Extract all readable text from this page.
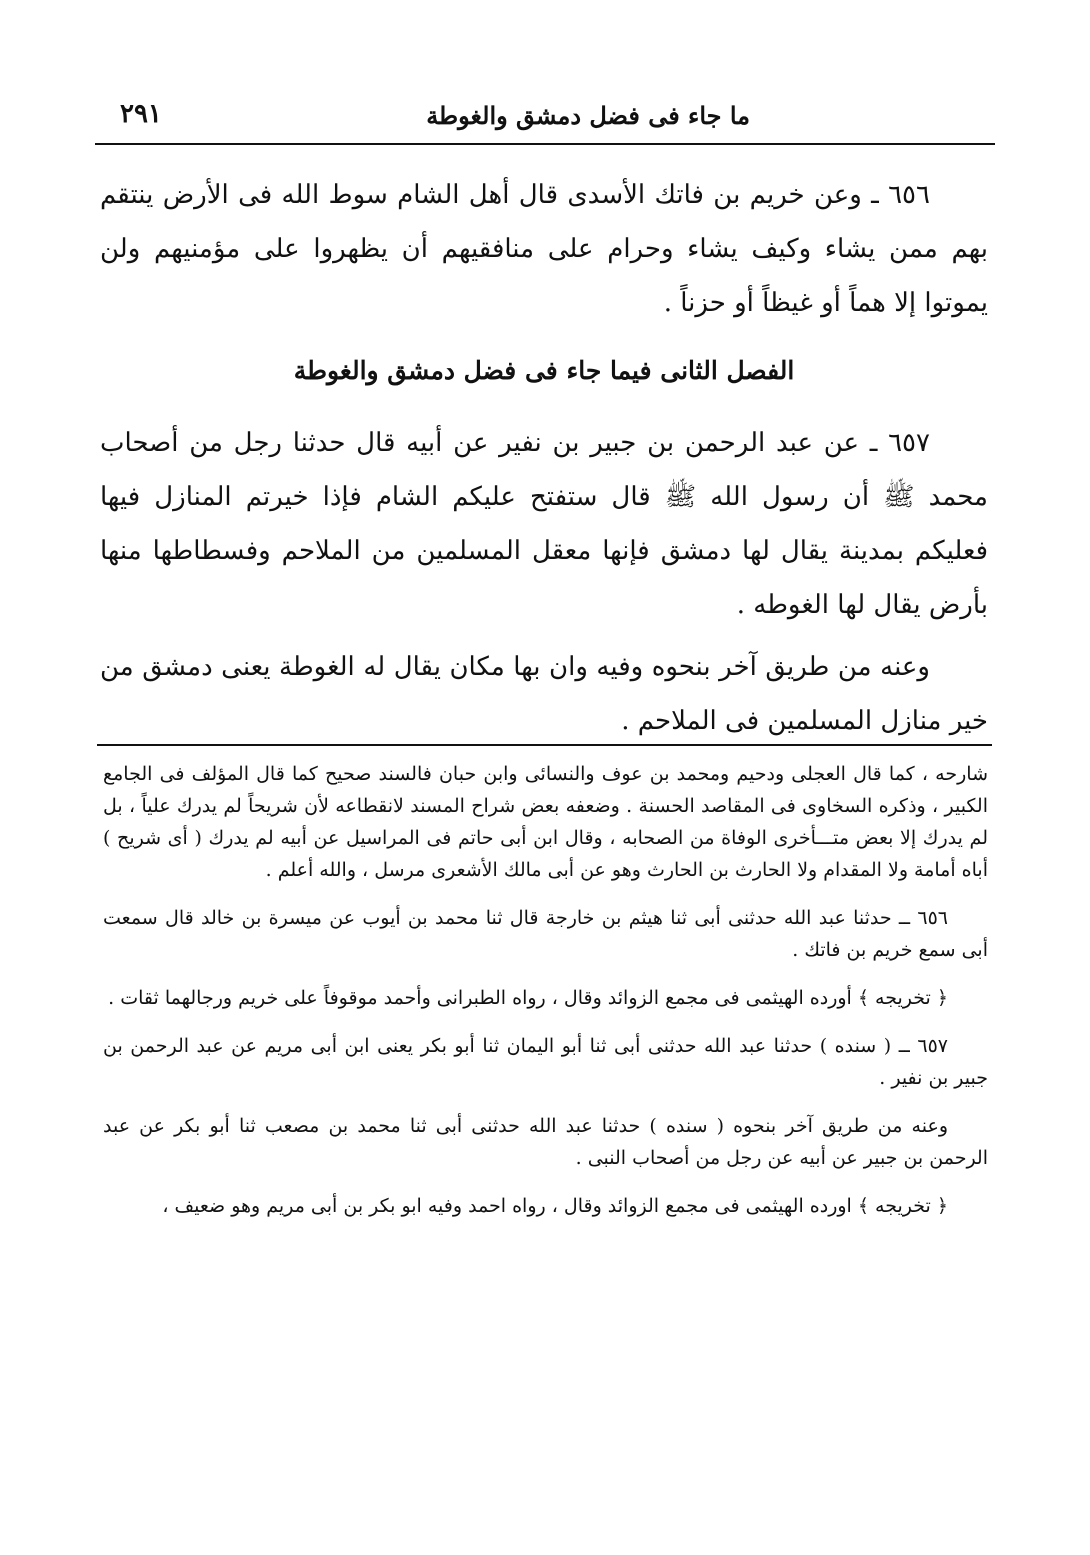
ما جاء فى فضل دمشق والغوطة
٢٩١

٦٥٦ ـ وعن خريم بن فاتك الأسدى قال أهل الشام سوط الله فى الأرض ينتقم بهم ممن يشاء وكيف يشاء وحرام على منافقيهم أن يظهروا على مؤمنيهم ولن يموتوا إلا هماً أو غيظاً أو حزناً .

الفصل الثانى فيما جاء فى فضل دمشق والغوطة

٦٥٧ ـ عن عبد الرحمن بن جبير بن نفير عن أبيه قال حدثنا رجل من أصحاب محمد ﷺ أن رسول الله ﷺ قال ستفتح عليكم الشام فإذا خيرتم المنازل فيها فعليكم بمدينة يقال لها دمشق فإنها معقل المسلمين من الملاحم وفسطاطها منها بأرض يقال لها الغوطه .

وعنه من طريق آخر بنحوه وفيه وان بها مكان يقال له الغوطة يعنى دمشق من خير منازل المسلمين فى الملاحم .

شارحه ، كما قال العجلى ودحيم ومحمد بن عوف والنسائى وابن حبان فالسند صحيح كما قال المؤلف فى الجامع الكبير ، وذكره السخاوى فى المقاصد الحسنة . وضعفه بعض شراح المسند لانقطاعه لأن شريحاً لم يدرك علياً ، بل لم يدرك إلا بعض متـــأخرى الوفاة من الصحابه ، وقال ابن أبى حاتم فى المراسيل عن أبيه لم يدرك ( أى شريح ) أباه أمامة ولا المقدام ولا الحارث بن الحارث وهو عن أبى مالك الأشعرى مرسل ، والله أعلم .

٦٥٦ ــ حدثنا عبد الله حدثنى أبى ثنا هيثم بن خارجة قال ثنا محمد بن أيوب عن ميسرة بن خالد قال سمعت أبى سمع خريم بن فاتك .

﴿ تخريجه ﴾ أورده الهيثمى فى مجمع الزوائد وقال ، رواه الطبرانى وأحمد موقوفاً على خريم ورجالهما ثقات .

٦٥٧ ــ ( سنده ) حدثنا عبد الله حدثنى أبى ثنا أبو اليمان ثنا أبو بكر يعنى ابن أبى مريم عن عبد الرحمن بن جبير بن نفير .

وعنه من طريق آخر بنحوه ( سنده ) حدثنا عبد الله حدثنى أبى ثنا محمد بن مصعب ثنا أبو بكر عن عبد الرحمن بن جبير عن أبيه عن رجل من أصحاب النبى .

﴿ تخريجه ﴾ اورده الهيثمى فى مجمع الزوائد وقال ، رواه احمد وفيه ابو بكر بن أبى مريم وهو ضعيف ،
